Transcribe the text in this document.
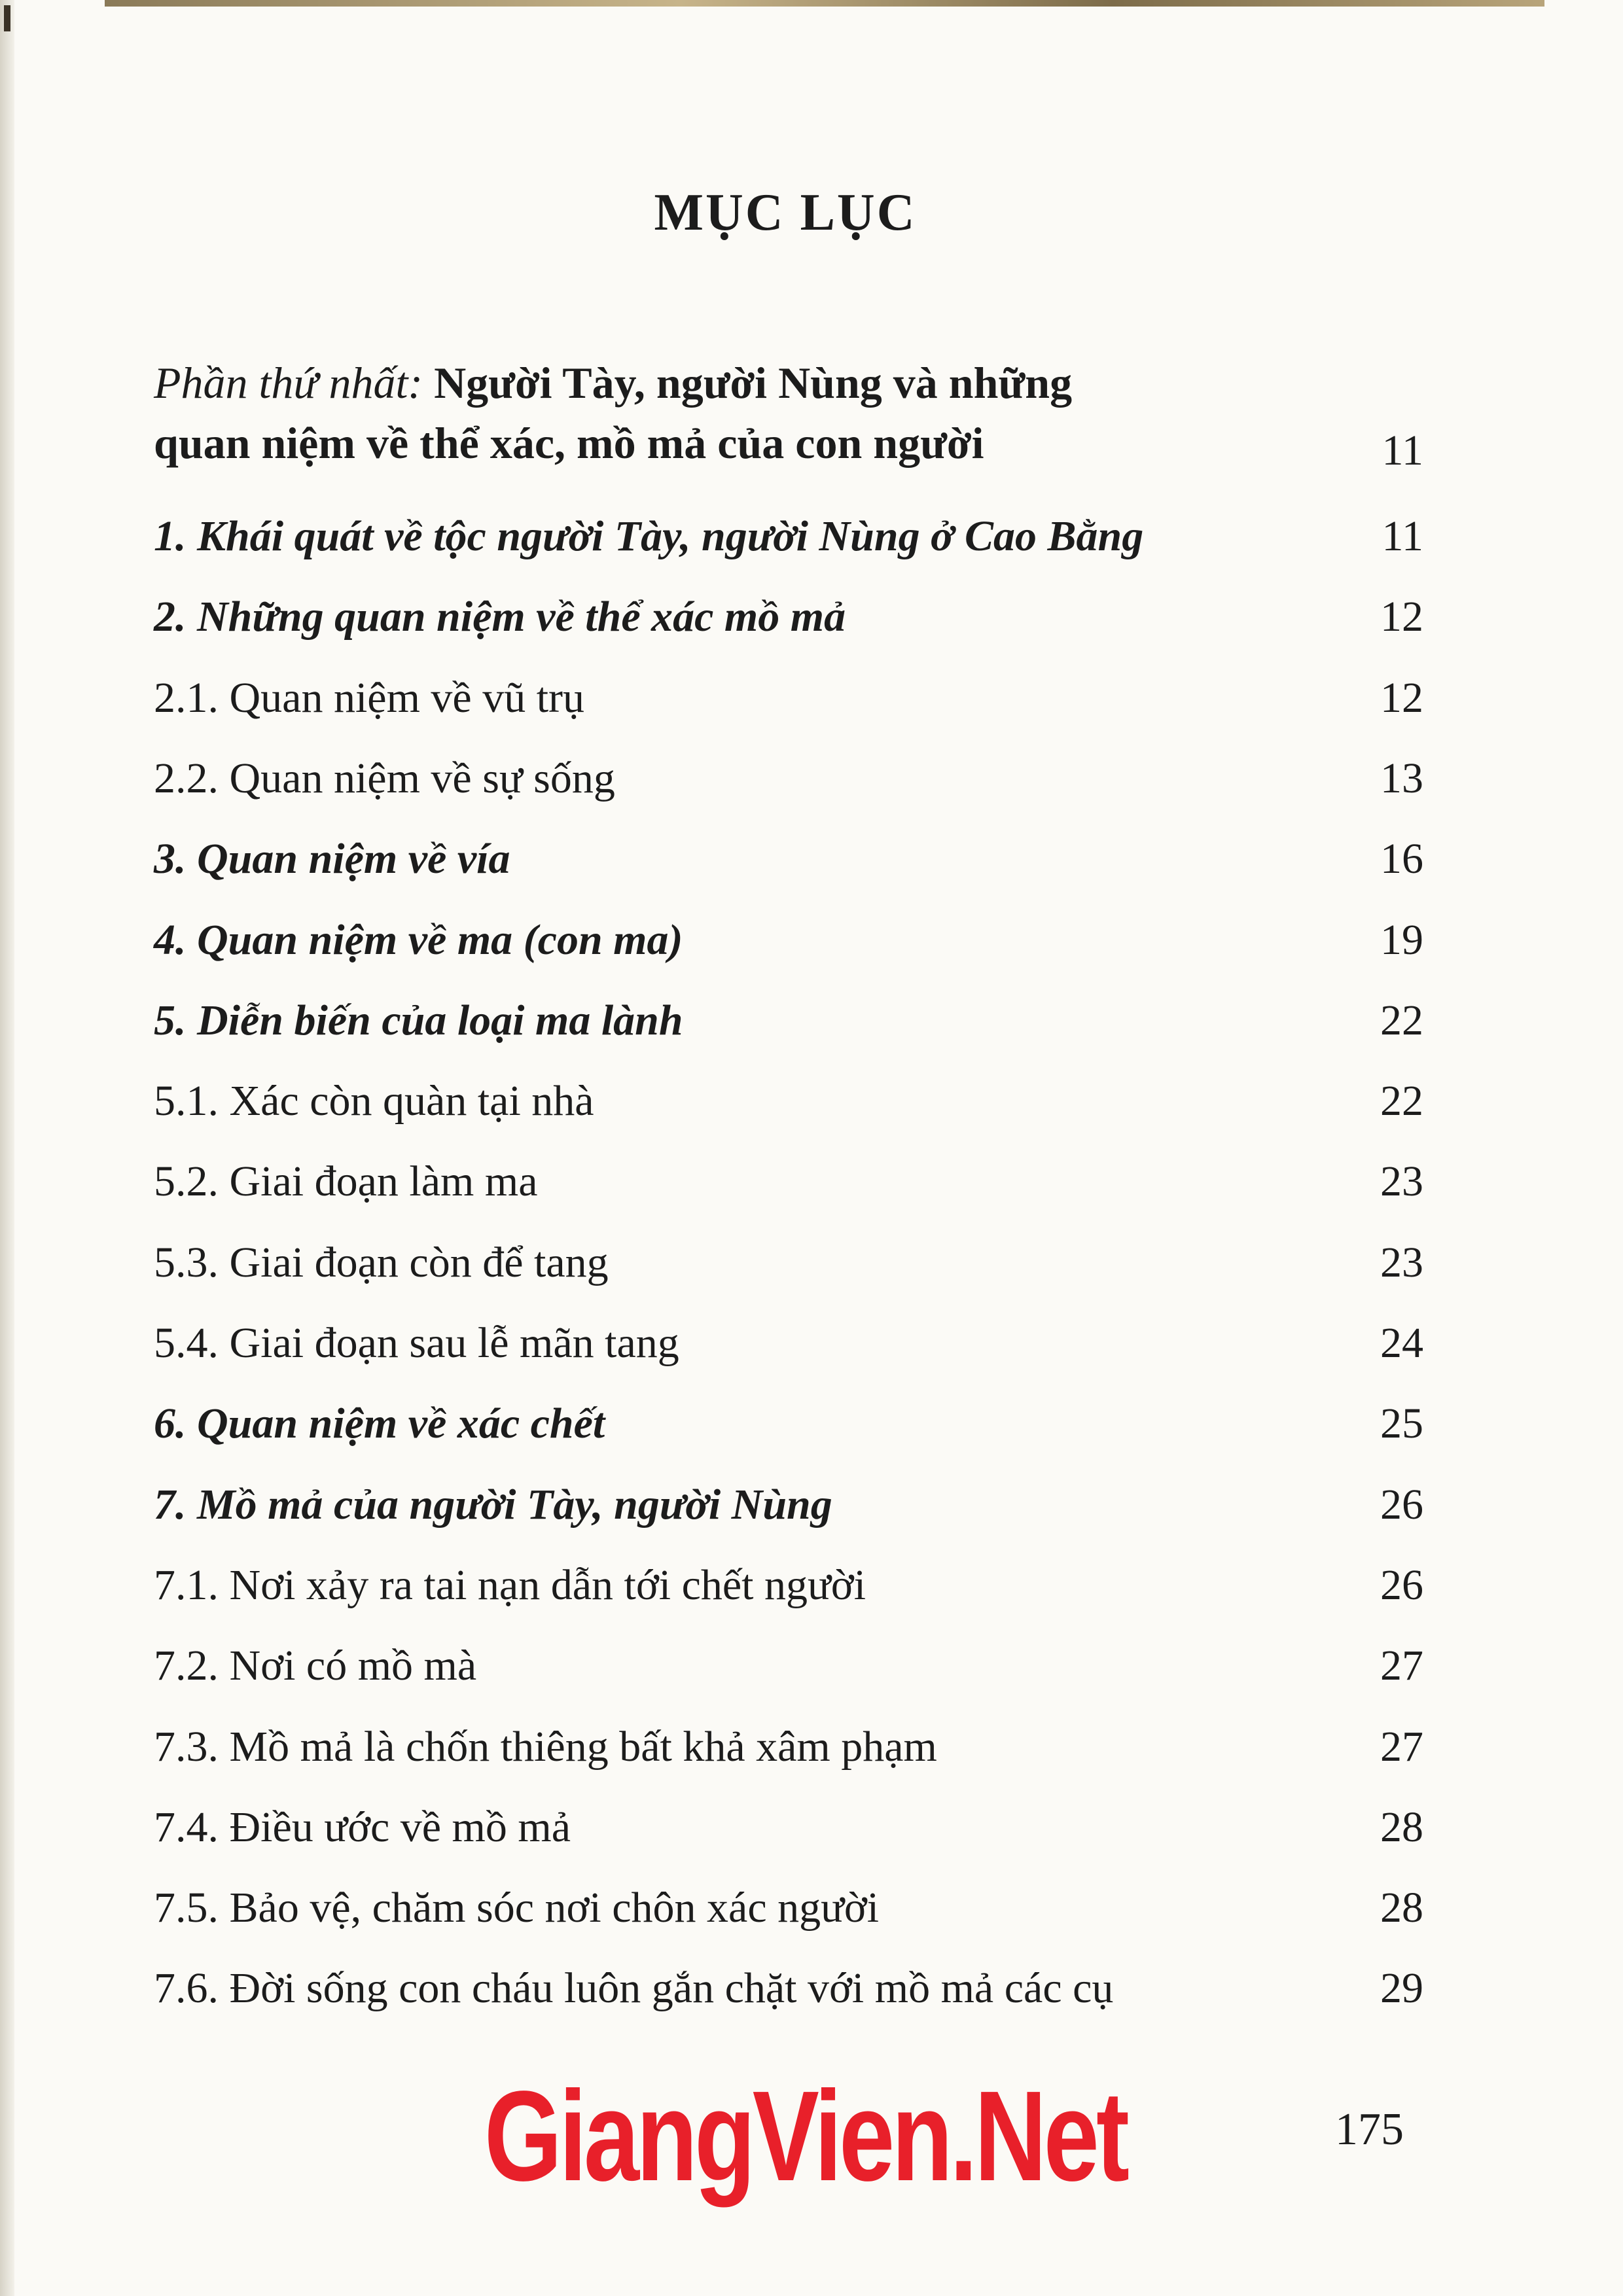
MỤC LỤC
Phần thứ nhất: Người Tày, người Nùng và những
quan niệm về thể xác, mồ mả của con người	11
1. Khái quát về tộc người Tày, người Nùng ở Cao Bằng	11
2. Những quan niệm về thể xác mồ mả	12
2.1. Quan niệm về vũ trụ	12
2.2. Quan niệm về sự sống	13
3. Quan niệm về vía	16
4. Quan niệm về ma (con ma)	19
5. Diễn biến của loại ma lành	22
5.1. Xác còn quàn tại nhà	22
5.2. Giai đoạn làm ma	23
5.3. Giai đoạn còn để tang	23
5.4. Giai đoạn sau lễ mãn tang	24
6. Quan niệm về xác chết	25
7. Mồ mả của người Tày, người Nùng	26
7.1. Nơi xảy ra tai nạn dẫn tới chết người	26
7.2. Nơi có mồ mà	27
7.3. Mồ mả là chốn thiêng bất khả xâm phạm	27
7.4. Điều ước về mồ mả	28
7.5. Bảo vệ, chăm sóc nơi chôn xác người	28
7.6. Đời sống con cháu luôn gắn chặt với mồ mả các cụ	29
GiangVien.Net	175
